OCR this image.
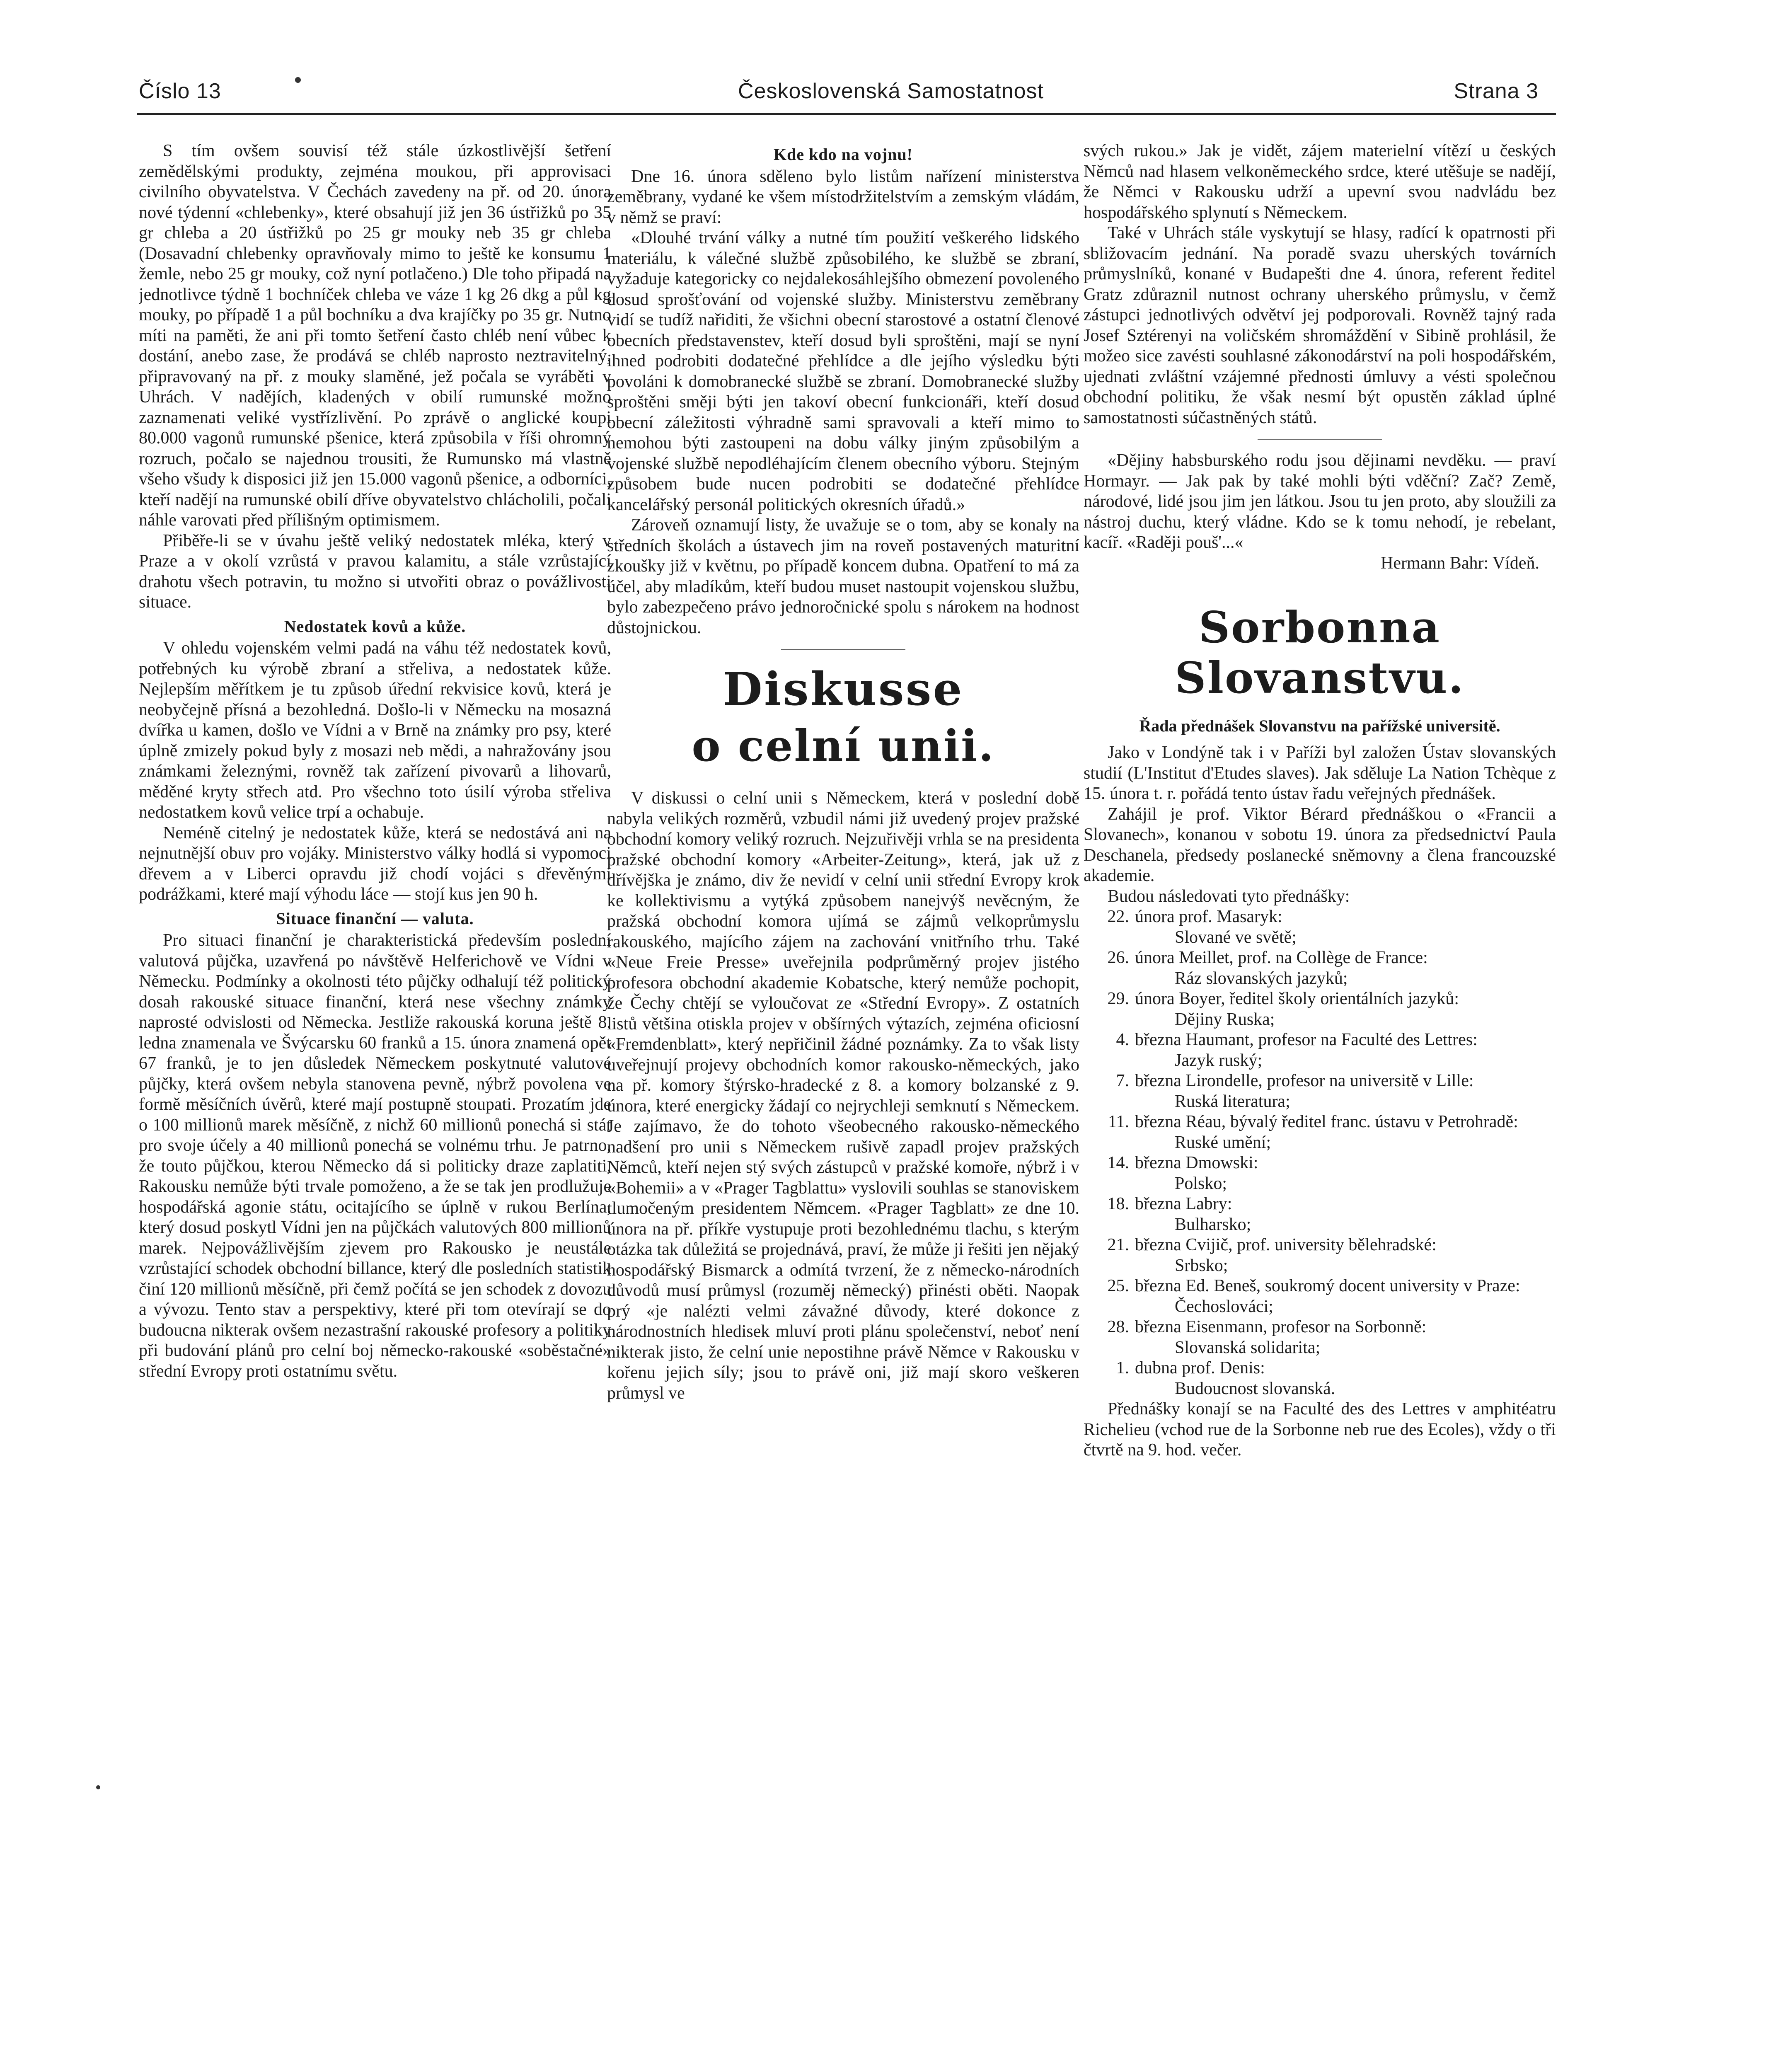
Číslo 13	Československá Samostatnost	Strana 3

S tím ovšem souvisí též stále úzkostlivější šetření zemědělskými produkty, zejména moukou, při approvisaci civilního obyvatelstva. V Čechách zavedeny na př. od 20. února nové týdenní «chlebenky», které obsahují již jen 36 ústřižků po 35 gr chleba a 20 ústřižků po 25 gr mouky neb 35 gr chleba (Dosavadní chlebenky opravňovaly mimo to ještě ke konsumu 1 žemle, nebo 25 gr mouky, což nyní potlačeno.) Dle toho připadá na jednotlivce týdně 1 bochníček chleba ve váze 1 kg 26 dkg a půl kg mouky, po případě 1 a půl bochníku a dva krajíčky po 35 gr. Nutno míti na paměti, že ani při tomto šetření často chléb není vůbec k dostání, anebo zase, že prodává se chléb naprosto neztravitelný, připravovaný na př. z mouky slaměné, jež počala se vyráběti v Uhrách. V nadějích, kladených v obilí rumunské možno zaznamenati veliké vystřízlivění. Po zprávě o anglické koupi 80.000 vagonů rumunské pšenice, která způsobila v říši ohromný rozruch, počalo se najednou trousiti, že Rumunsko má vlastně všeho všudy k disposici již jen 15.000 vagonů pšenice, a odborníci, kteří nadějí na rumunské obilí dříve obyvatelstvo chlácholili, počali náhle varovati před přílišným optimismem.

Přiběře-li se v úvahu ještě veliký nedostatek mléka, který v Praze a v okolí vzrůstá v pravou kalamitu, a stále vzrůstající drahotu všech potravin, tu možno si utvořiti obraz o povážlivosti situace.

Nedostatek kovů a kůže.

V ohledu vojenském velmi padá na váhu též nedostatek kovů, potřebných ku výrobě zbraní a střeliva, a nedostatek kůže. Nejlepším měřítkem je tu způsob úřední rekvisice kovů, která je neobyčejně přísná a bezohledná. Došlo-li v Německu na mosazná dvířka u kamen, došlo ve Vídni a v Brně na známky pro psy, které úplně zmizely pokud byly z mosazi neb mědi, a nahražovány jsou známkami železnými, rovněž tak zařízení pivovarů a lihovarů, měděné kryty střech atd. Pro všechno toto úsilí výroba střeliva nedostatkem kovů velice trpí a ochabuje.

Neméně citelný je nedostatek kůže, která se nedostává ani na nejnutnější obuv pro vojáky. Ministerstvo války hodlá si vypomoci dřevem a v Liberci opravdu již chodí vojáci s dřevěnými podrážkami, které mají výhodu láce — stojí kus jen 90 h.

Situace finanční — valuta.

Pro situaci finanční je charakteristická především poslední valutová půjčka, uzavřená po návštěvě Helferichově ve Vídni v Německu. Podmínky a okolnosti této půjčky odhalují též politický dosah rakouské situace finanční, která nese všechny známky naprosté odvislosti od Německa. Jestliže rakouská koruna ještě 8. ledna znamenala ve Švýcarsku 60 franků a 15. února znamená opět 67 franků, je to jen důsledek Německem poskytnuté valutové půjčky, která ovšem nebyla stanovena pevně, nýbrž povolena ve formě měsíčních úvěrů, které mají postupně stoupati. Prozatím jde o 100 millionů marek měsíčně, z nichž 60 millionů ponechá si stát pro svoje účely a 40 millionů ponechá se volnému trhu. Je patrno, že touto půjčkou, kterou Německo dá si politicky draze zaplatiti, Rakousku nemůže býti trvale pomoženo, a že se tak jen prodlužuje hospodářská agonie státu, ocitajícího se úplně v rukou Berlína, který dosud poskytl Vídni jen na půjčkách valutových 800 millionů marek. Nejpovážlivějším zjevem pro Rakousko je neustále vzrůstající schodek obchodní billance, který dle posledních statistik činí 120 millionů měsíčně, při čemž počítá se jen schodek z dovozu a vývozu. Tento stav a perspektivy, které při tom otevírají se do budoucna nikterak ovšem nezastrašní rakouské profesory a politiky při budování plánů pro celní boj německo-rakouské «soběstačné» střední Evropy proti ostatnímu světu.

Kde kdo na vojnu!

Dne 16. února sděleno bylo listům nařízení ministerstva zeměbrany, vydané ke všem místodržitelstvím a zemským vládám, v němž se praví:

«Dlouhé trvání války a nutné tím použití veškerého lidského materiálu, k válečné službě způsobilého, ke službě se zbraní, vyžaduje kategoricky co nejdalekosáhlejšího obmezení povoleného dosud sprošťování od vojenské služby. Ministerstvu zeměbrany vidí se tudíž nařiditi, že všichni obecní starostové a ostatní členové obecních představenstev, kteří dosud byli sproštěni, mají se nyní ihned podrobiti dodatečné přehlídce a dle jejího výsledku býti povoláni k domobranecké službě se zbraní. Domobranecké služby sproštěni směji býti jen takoví obecní funkcionáři, kteří dosud obecní záležitosti výhradně sami spravovali a kteří mimo to nemohou býti zastoupeni na dobu války jiným způsobilým a vojenské službě nepodléhajícím členem obecního výboru. Stejným způsobem bude nucen podrobiti se dodatečné přehlídce kancelářský personál politických okresních úřadů.»

Zároveň oznamují listy, že uvažuje se o tom, aby se konaly na středních školách a ústavech jim na roveň postavených maturitní zkoušky již v květnu, po případě koncem dubna. Opatření to má za účel, aby mladíkům, kteří budou muset nastoupit vojenskou službu, bylo zabezpečeno právo jednoročnické spolu s nárokem na hodnost důstojnickou.

Diskusse
o celní unii.

V diskussi o celní unii s Německem, která v poslední době nabyla velikých rozměrů, vzbudil námi již uvedený projev pražské obchodní komory veliký rozruch. Nejzuřivěji vrhla se na presidenta pražské obchodní komory «Arbeiter-Zeitung», která, jak už z dřívějška je známo, div že nevidí v celní unii střední Evropy krok ke kollektivismu a vytýká způsobem nanejvýš nevěcným, že pražská obchodní komora ujímá se zájmů velkoprůmyslu rakouského, majícího zájem na zachování vnitřního trhu. Také «Neue Freie Presse» uveřejnila podprůměrný projev jistého profesora obchodní akademie Kobatsche, který nemůže pochopit, že Čechy chtějí se vyloučovat ze «Střední Evropy». Z ostatních listů většina otiskla projev v obšírných výtazích, zejména oficiosní «Fremdenblatt», který nepřičinil žádné poznámky. Za to však listy uveřejnují projevy obchodních komor rakousko-německých, jako na př. komory štýrsko-hradecké z 8. a komory bolzanské z 9. února, které energicky žádají co nejrychleji semknutí s Německem. Je zajímavo, že do tohoto všeobecného rakousko-německého nadšení pro unii s Německem rušivě zapadl projev pražských Němců, kteří nejen stý svých zástupců v pražské komoře, nýbrž i v «Bohemii» a v «Prager Tagblattu» vyslovili souhlas se stanoviskem tlumočeným presidentem Němcem. «Prager Tagblatt» ze dne 10. února na př. příkře vystupuje proti bezohlednému tlachu, s kterým otázka tak důležitá se projednává, praví, že může ji řešiti jen nějaký hospodářský Bismarck a odmítá tvrzení, že z německo-národních důvodů musí průmysl (rozuměj německý) přinésti oběti. Naopak prý «je nalézti velmi závažné důvody, které dokonce z národnostních hledisek mluví proti plánu společenství, neboť není nikterak jisto, že celní unie nepostihne právě Němce v Rakousku v kořenu jejich síly; jsou to právě oni, již mají skoro veškeren průmysl ve

svých rukou.» Jak je vidět, zájem materielní vítězí u českých Němců nad hlasem velkoněmeckého srdce, které utěšuje se nadějí, že Němci v Rakousku udrží a upevní svou nadvládu bez hospodářského splynutí s Německem.

Také v Uhrách stále vyskytují se hlasy, radící k opatrnosti při sbližovacím jednání. Na poradě svazu uherských továrních průmyslníků, konané v Budapešti dne 4. února, referent ředitel Gratz zdůraznil nutnost ochrany uherského průmyslu, v čemž zástupci jednotlivých odvětví jej podporovali. Rovněž tajný rada Josef Sztérenyi na voličském shromáždění v Sibině prohlásil, že možeo sice zavésti souhlasné zákonodárství na poli hospodářském, ujednati zvláštní vzájemné přednosti úmluvy a vésti společnou obchodní politiku, že však nesmí být opustěn základ úplné samostatnosti súčastněných států.

«Dějiny habsburského rodu jsou dějinami nevděku. — praví Hormayr. — Jak pak by také mohli býti vděční? Zač? Země, národové, lidé jsou jim jen látkou. Jsou tu jen proto, aby sloužili za nástroj duchu, který vládne. Kdo se k tomu nehodí, je rebelant, kacíř. «Raději pouš'...«

Hermann Bahr: Vídeň.
Sorbonna
Slovanstvu.
Řada přednášek Slovanstvu na pařížské universitě.

Jako v Londýně tak i v Paříži byl založen Ústav slovanských studií (L'Institut d'Etudes slaves). Jak sděluje La Nation Tchèque z 15. února t. r. pořádá tento ústav řadu veřejných přednášek.

Zahájil je prof. Viktor Bérard přednáškou o «Francii a Slovanech», konanou v sobotu 19. února za předsednictví Paula Deschanela, předsedy poslanecké sněmovny a člena francouzské akademie.

Budou následovati tyto přednášky:

22. února prof. Masaryk:
Slované ve světě;
26. února Meillet, prof. na Collège de France:
Ráz slovanských jazyků;
29. února Boyer, ředitel školy orientálních jazyků:
Dějiny Ruska;
4. března Haumant, profesor na Faculté des Lettres:
Jazyk ruský;
7. března Lirondelle, profesor na universitě v Lille:
Ruská literatura;
11. března Réau, bývalý ředitel franc. ústavu v Petrohradě:
Ruské umění;
14. března Dmowski:
Polsko;
18. března Labry:
Bulharsko;
21. března Cvijič, prof. university bělehradské:
Srbsko;
25. března Ed. Beneš, soukromý docent university v Praze:
Čechoslováci;
28. března Eisenmann, profesor na Sorbonně:
Slovanská solidarita;
1. dubna prof. Denis:
Budoucnost slovanská.

Přednášky konají se na Faculté des des Lettres v amphitéatru Richelieu (vchod rue de la Sorbonne neb rue des Ecoles), vždy o tři čtvrtě na 9. hod. večer.
